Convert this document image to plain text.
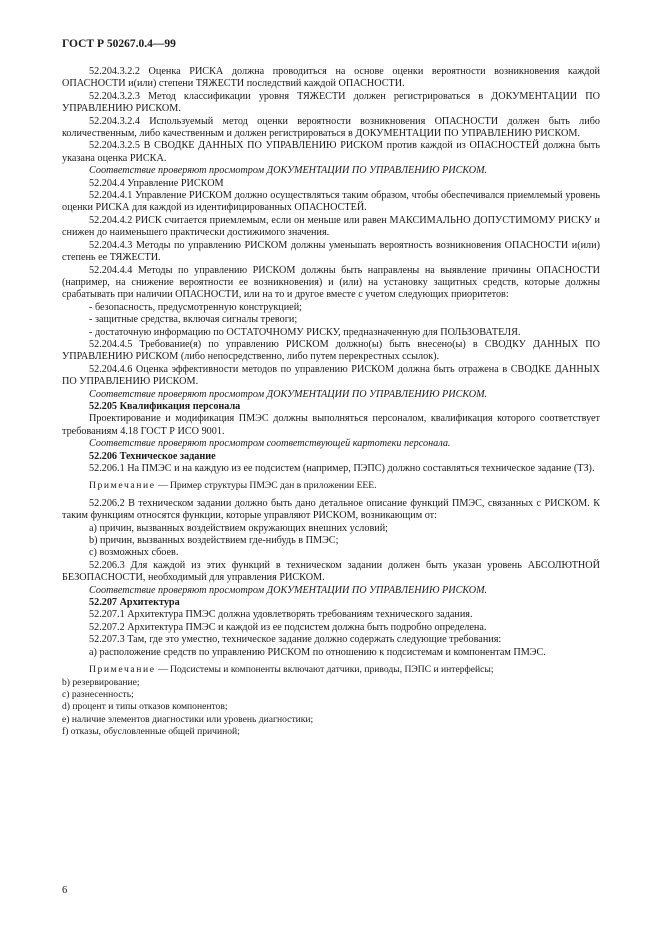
ГОСТ Р 50267.0.4—99

52.204.3.2.2 Оценка РИСКА должна проводиться на основе оценки вероятности возникновения каждой ОПАСНОСТИ и(или) степени ТЯЖЕСТИ последствий каждой ОПАСНОСТИ.

52.204.3.2.3 Метод классификации уровня ТЯЖЕСТИ должен регистрироваться в ДОКУМЕНТАЦИИ ПО УПРАВЛЕНИЮ РИСКОМ.

52.204.3.2.4 Используемый метод оценки вероятности возникновения ОПАСНОСТИ должен быть либо количественным, либо качественным и должен регистрироваться в ДОКУМЕНТАЦИИ ПО УПРАВЛЕНИЮ РИСКОМ.

52.204.3.2.5 В СВОДКЕ ДАННЫХ ПО УПРАВЛЕНИЮ РИСКОМ против каждой из ОПАСНОСТЕЙ должна быть указана оценка РИСКА.

Соответствие проверяют просмотром ДОКУМЕНТАЦИИ ПО УПРАВЛЕНИЮ РИСКОМ.

52.204.4 Управление РИСКОМ

52.204.4.1 Управление РИСКОМ должно осуществляться таким образом, чтобы обеспечивался приемлемый уровень оценки РИСКА для каждой из идентифицированных ОПАСНОСТЕЙ.

52.204.4.2 РИСК считается приемлемым, если он меньше или равен МАКСИМАЛЬНО ДОПУСТИМОМУ РИСКУ и снижен до наименьшего практически достижимого значения.

52.204.4.3 Методы по управлению РИСКОМ должны уменьшать вероятность возникновения ОПАСНОСТИ и(или) степень ее ТЯЖЕСТИ.

52.204.4.4 Методы по управлению РИСКОМ должны быть направлены на выявление причины ОПАСНОСТИ (например, на снижение вероятности ее возникновения) и (или) на установку защитных средств, которые должны срабатывать при наличии ОПАСНОСТИ, или на то и другое вместе с учетом следующих приоритетов:

- безопасность, предусмотренную конструкцией;

- защитные средства, включая сигналы тревоги;

- достаточную информацию по ОСТАТОЧНОМУ РИСКУ, предназначенную для ПОЛЬЗОВАТЕЛЯ.

52.204.4.5 Требование(я) по управлению РИСКОМ должно(ы) быть внесено(ы) в СВОДКУ ДАННЫХ ПО УПРАВЛЕНИЮ РИСКОМ (либо непосредственно, либо путем перекрестных ссылок).

52.204.4.6 Оценка эффективности методов по управлению РИСКОМ должна быть отражена в СВОДКЕ ДАННЫХ ПО УПРАВЛЕНИЮ РИСКОМ.

Соответствие проверяют просмотром ДОКУМЕНТАЦИИ ПО УПРАВЛЕНИЮ РИСКОМ.

52.205 Квалификация персонала

Проектирование и модификация ПМЭС должны выполняться персоналом, квалификация которого соответствует требованиям 4.18 ГОСТ Р ИСО 9001.

Соответствие проверяют просмотром соответствующей картотеки персонала.

52.206 Техническое задание

52.206.1 На ПМЭС и на каждую из ее подсистем (например, ПЭПС) должно составляться техническое задание (ТЗ).

Примечание — Пример структуры ПМЭС дан в приложении ЕЕЕ.

52.206.2 В техническом задании должно быть дано детальное описание функций ПМЭС, связанных с РИСКОМ. К таким функциям относятся функции, которые управляют РИСКОМ, возникающим от:

a) причин, вызванных воздействием окружающих внешних условий;

b) причин, вызванных воздействием где-нибудь в ПМЭС;

c) возможных сбоев.

52.206.3 Для каждой из этих функций в техническом задании должен быть указан уровень АБСОЛЮТНОЙ БЕЗОПАСНОСТИ, необходимый для управления РИСКОМ.

Соответствие проверяют просмотром ДОКУМЕНТАЦИИ ПО УПРАВЛЕНИЮ РИСКОМ.

52.207 Архитектура

52.207.1 Архитектура ПМЭС должна удовлетворять требованиям технического задания.

52.207.2 Архитектура ПМЭС и каждой из ее подсистем должна быть подробно определена.

52.207.3 Там, где это уместно, техническое задание должно содержать следующие требования:

a) расположение средств по управлению РИСКОМ по отношению к подсистемам и компонентам ПМЭС.

Примечание — Подсистемы и компоненты включают датчики, приводы, ПЭПС и интерфейсы;

b) резервирование;

c) разнесенность;

d) процент и типы отказов компонентов;

e) наличие элементов диагностики или уровень диагностики;

f) отказы, обусловленные общей причиной;

6
